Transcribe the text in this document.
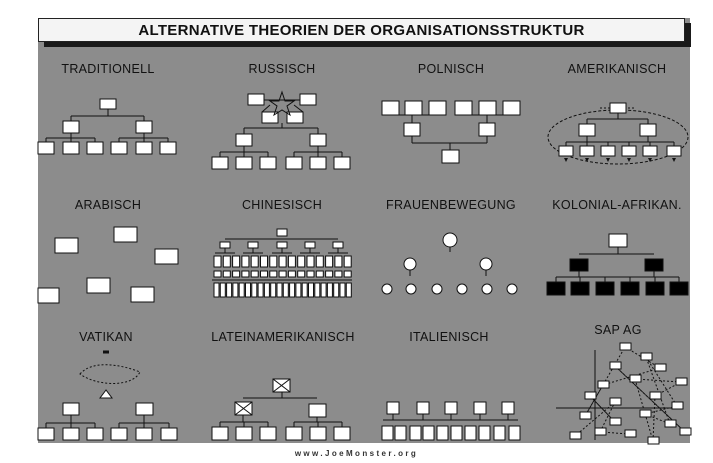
ALTERNATIVE THEORIEN DER ORGANISATIONSSTRUKTUR
TRADITIONELL	RUSSISCH	POLNISCH	AMERIKANISCH
ARABISCH	CHINESISCH	FRAUENBEWEGUNG	KOLONIAL-AFRIKAN.
VATIKAN	LATEINAMERIKANISCH	ITALIENISCH	SAP AG
www.JoeMonster.org
